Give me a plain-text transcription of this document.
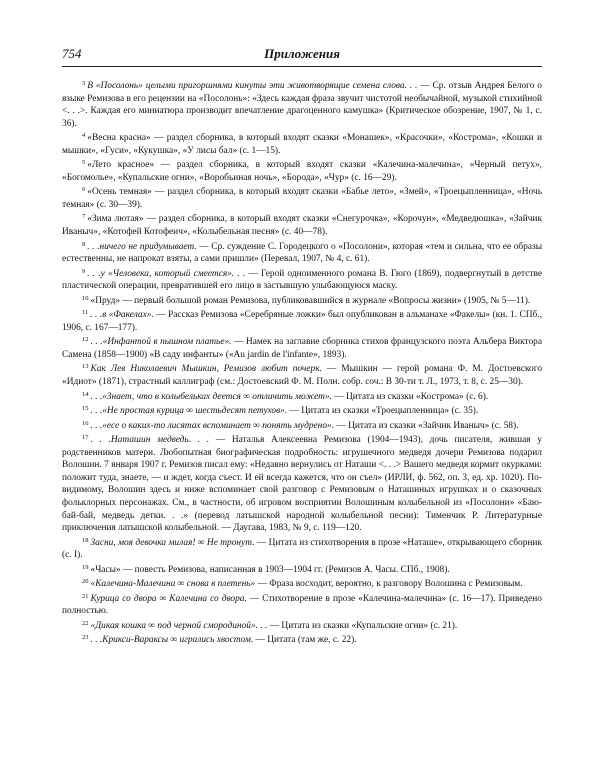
754	Приложения

$^3$ В «Посолонь» целыми пригоршнями кинуты эти животворящие семена слова. . . — Ср. отзыв Андрея Белого о языке Ремизова в его рецензии на «Посолонь»: «Здесь каждая фраза звучит чистотой необычайной, музыкой стихийной <. . .>. Каждая его миниатюра производит впечатление драгоценного камушка» (Критическое обозрение, 1907, № 1, с. 36).

$^4$ «Весна красна» — раздел сборника, в который входят сказки «Монашек», «Красочки», «Кострома», «Кошки и мышки», «Гуси», «Кукушка», «У лисы бал» (с. 1—15).

$^5$ «Лето красное» — раздел сборника, в который входят сказки «Калечина-малечина», «Черный петух», «Богомолье», «Купальские огни», «Воробьиная ночь», «Борода», «Чур» (с. 16—29).

$^6$ «Осень темная» — раздел сборника, в который входят сказки «Бабье лето», «Змей», «Троецыпленница», «Ночь темная» (с. 30—39).

$^7$ «Зима лютая» — раздел сборника, в который входят сказки «Снегурочка», «Корочун», «Медведюшка», «Зайчик Иваныч», «Котофей Котофеич», «Колыбельная песня» (с. 40—78).

$^8$ . . .ничего не придумывает. — Ср. суждение С. Городецкого о «Посолони», которая «тем и сильна, что ее образы естественны, не напрокат взяты, а сами пришли» (Перевал, 1907, № 4, с. 61).

$^9$ . . .у «Человека, который смеется». . . — Герой одноименного романа В. Гюго (1869), подвергнутый в детстве пластической операции, превратившей его лицо в застывшую улыбающуюся маску.

$^{10}$ «Пруд» — первый большой роман Ремизова, публиковавшийся в журнале «Вопросы жизни» (1905, № 5—11).

$^{11}$ . . .в «Факелах». — Рассказ Ремизова «Серебряные ложки» был опубликован в альманахе «Факелы» (кн. 1. СПб., 1906, с. 167—177).

$^{12}$ . . .«Инфантой в пышном платье». — Намек на заглавие сборника стихов французского поэта Альбера Виктора Самена (1858—1900) «В саду инфанты» («Au jardin de l'infante», 1893).

$^{13}$ Как Лев Николаевич Мышкин, Ремизов любит почерк. — Мышкин — герой романа Ф. М. Достоевского «Идиот» (1871), страстный каллиграф (см.: Достоевский Ф. М. Полн. собр. соч.: В 30-ти т. Л., 1973, т. 8, с. 25—30).

$^{14}$ . . .«Знает, что в колыбельках деется ∞ отличить может». — Цитата из сказки «Кострома» (с. 6).

$^{15}$ . . .«Не простая курица ∞ шестьдесят петухов». — Цитата из сказки «Троецыпленница» (с. 35).

$^{16}$ . . .«есе о каких-то лисятах вспоминает ∞ понять мудрено». — Цитата из сказки «Зайчик Иваныч» (с. 58).

$^{17}$ . . .Наташин медведь. . . — Наталья Алексеевна Ремизова (1904—1943), дочь писателя, жившая у родственников матери. Любопытная биографическая подробность: игрушечного медведя дочери Ремизова подарил Волошин. 7 января 1907 г. Ремизов писал ему: «Недавно вернулись от Наташи <. . .> Вашего медведя кормит окурками: положит туда, знаете, — и ждет, когда съест. И ей всегда кажется, что он съел» (ИРЛИ, ф. 562, оп. 3, ед. хр. 1020). По-видимому, Волошин здесь и ниже вспоминает свой разговор с Ремизовым о Наташиных игрушках и о сказочных фольклорных персонажах. См., в частности, об игровом восприятии Волошиным колыбельной из «Посолони» «Баю-бай-бай, медведь детки. . .» (перевод латышской народной колыбельной песни): Тименчик Р. Литературные приключения латышской колыбельной. — Даугава, 1983, № 9, с. 119—120.

$^{18}$ Засни, моя девочка милая! ∞ Не тронут. — Цитата из стихотворения в прозе «Наташе», открывающего сборник (с. I).

$^{19}$ «Часы» — повесть Ремизова, написанная в 1903—1904 гг. (Ремизов А. Часы. СПб., 1908).

$^{20}$ «Калечина-Малечина ∞ снова в плетень» — Фраза восходит, вероятно, к разговору Волошина с Ремизовым.

$^{21}$ Курица со двора ∞ Калечина со двора. — Стихотворение в прозе «Калечина-малечина» (с. 16—17). Приведено полностью.

$^{22}$ «Дикая кошка ∞ под черной смородиной». . . — Цитата из сказки «Купальские огни» (с. 21).

$^{23}$ . . .Крикси-Вараксы ∞ игрались хвостом. — Цитата (там же, с. 22).
